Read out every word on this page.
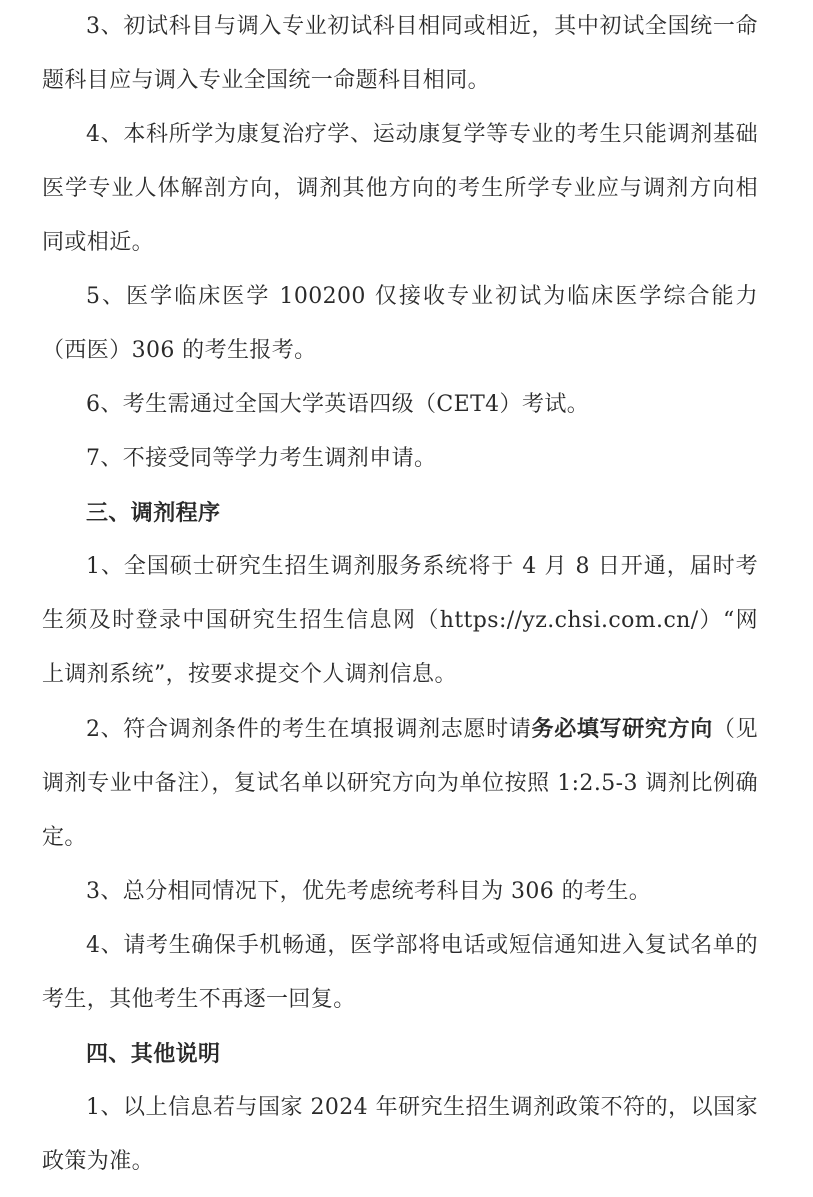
3、初试科目与调入专业初试科目相同或相近，其中初试全国统一命题科目应与调入专业全国统一命题科目相同。

4、本科所学为康复治疗学、运动康复学等专业的考生只能调剂基础医学专业人体解剖方向，调剂其他方向的考生所学专业应与调剂方向相同或相近。

5、医学临床医学 100200 仅接收专业初试为临床医学综合能力（西医）306 的考生报考。

6、考生需通过全国大学英语四级（CET4）考试。

7、不接受同等学力考生调剂申请。

三、调剂程序

1、全国硕士研究生招生调剂服务系统将于 4 月 8 日开通，届时考生须及时登录中国研究生招生信息网（https://yz.chsi.com.cn/）“网上调剂系统”，按要求提交个人调剂信息。

2、符合调剂条件的考生在填报调剂志愿时请务必填写研究方向（见调剂专业中备注），复试名单以研究方向为单位按照 1:2.5-3 调剂比例确定。

3、总分相同情况下，优先考虑统考科目为 306 的考生。

4、请考生确保手机畅通，医学部将电话或短信通知进入复试名单的考生，其他考生不再逐一回复。

四、其他说明

1、以上信息若与国家 2024 年研究生招生调剂政策不符的，以国家政策为准。
